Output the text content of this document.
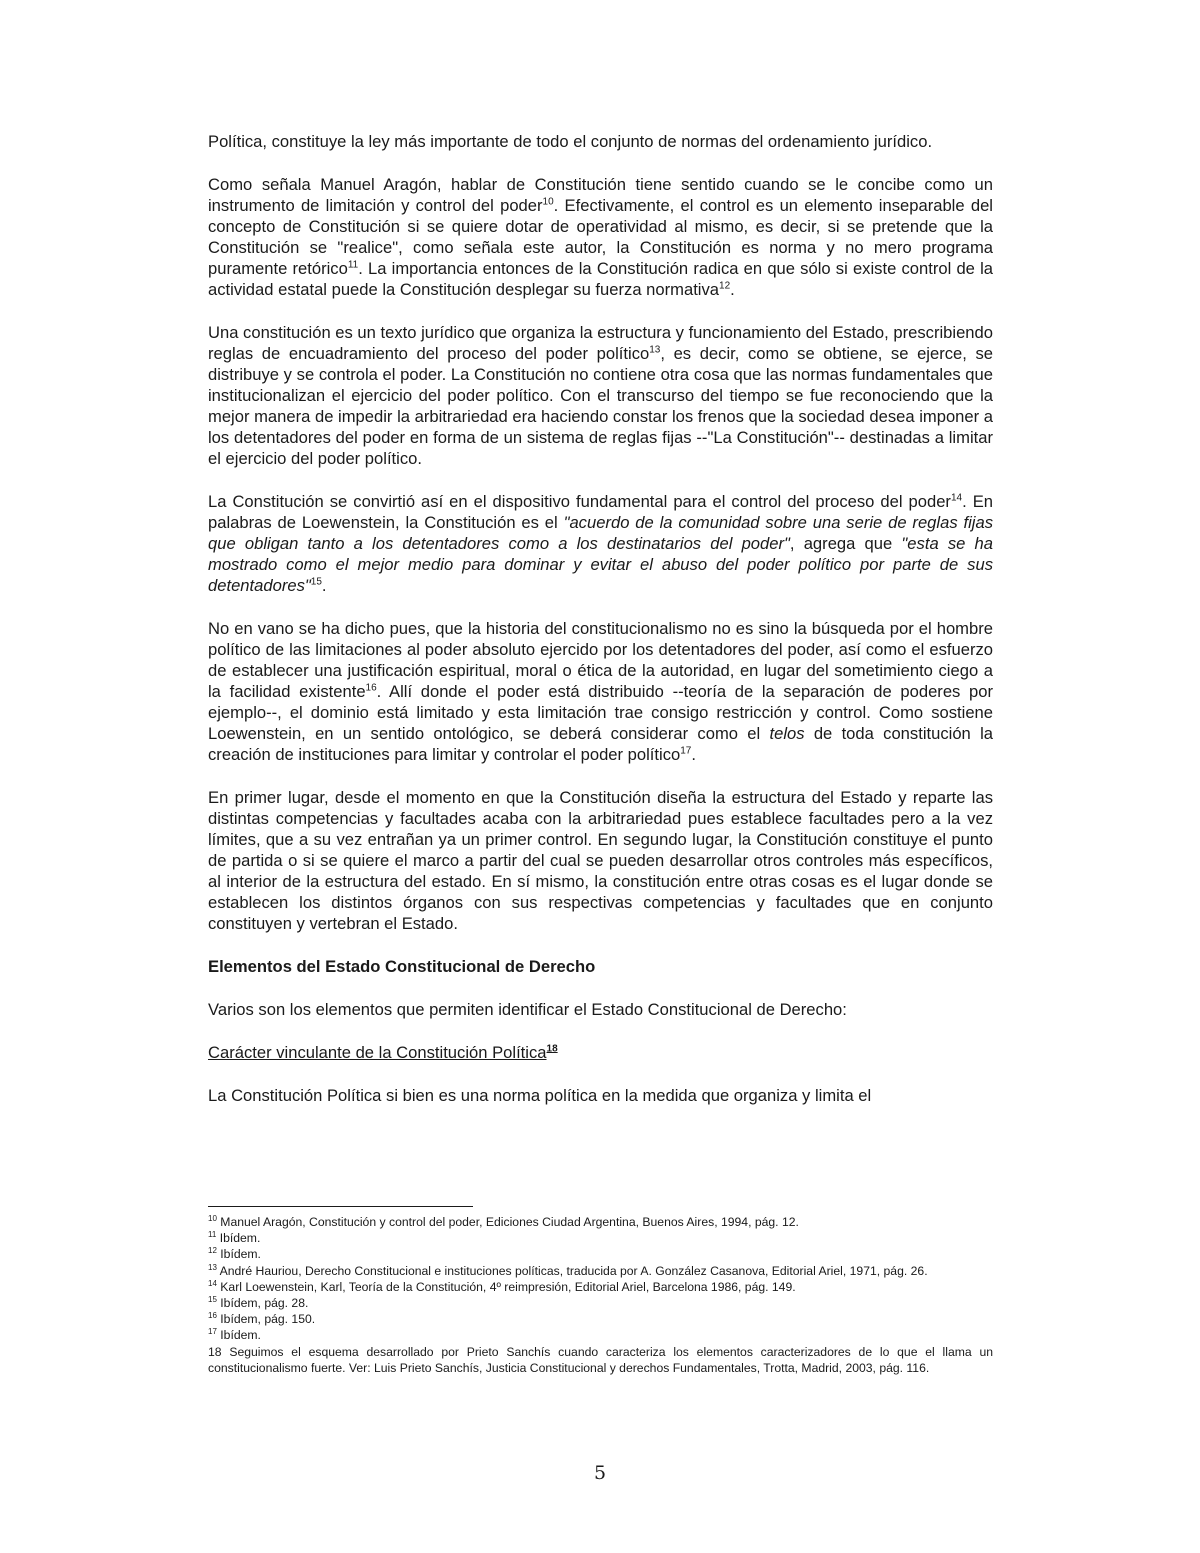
Política, constituye la ley más importante de todo el conjunto de normas del ordenamiento jurídico.

Como señala Manuel Aragón, hablar de Constitución tiene sentido cuando se le concibe como un instrumento de limitación y control del poder$^{10}$. Efectivamente, el control es un elemento inseparable del concepto de Constitución si se quiere dotar de operatividad al mismo, es decir, si se pretende que la Constitución se "realice", como señala este autor, la Constitución es norma y no mero programa puramente retórico$^{11}$. La importancia entonces de la Constitución radica en que sólo si existe control de la actividad estatal puede la Constitución desplegar su fuerza normativa$^{12}$.

Una constitución es un texto jurídico que organiza la estructura y funcionamiento del Estado, prescribiendo reglas de encuadramiento del proceso del poder político$^{13}$, es decir, como se obtiene, se ejerce, se distribuye y se controla el poder. La Constitución no contiene otra cosa que las normas fundamentales que institucionalizan el ejercicio del poder político. Con el transcurso del tiempo se fue reconociendo que la mejor manera de impedir la arbitrariedad era haciendo constar los frenos que la sociedad desea imponer a los detentadores del poder en forma de un sistema de reglas fijas --"La Constitución"-- destinadas a limitar el ejercicio del poder político.

La Constitución se convirtió así en el dispositivo fundamental para el control del proceso del poder$^{14}$. En palabras de Loewenstein, la Constitución es el "acuerdo de la comunidad sobre una serie de reglas fijas que obligan tanto a los detentadores como a los destinatarios del poder", agrega que "esta se ha mostrado como el mejor medio para dominar y evitar el abuso del poder político por parte de sus detentadores"$^{15}$.

No en vano se ha dicho pues, que la historia del constitucionalismo no es sino la búsqueda por el hombre político de las limitaciones al poder absoluto ejercido por los detentadores del poder, así como el esfuerzo de establecer una justificación espiritual, moral o ética de la autoridad, en lugar del sometimiento ciego a la facilidad existente$^{16}$. Allí donde el poder está distribuido --teoría de la separación de poderes por ejemplo--, el dominio está limitado y esta limitación trae consigo restricción y control. Como sostiene Loewenstein, en un sentido ontológico, se deberá considerar como el telos de toda constitución la creación de instituciones para limitar y controlar el poder político$^{17}$.

En primer lugar, desde el momento en que la Constitución diseña la estructura del Estado y reparte las distintas competencias y facultades acaba con la arbitrariedad pues establece facultades pero a la vez límites, que a su vez entrañan ya un primer control. En segundo lugar, la Constitución constituye el punto de partida o si se quiere el marco a partir del cual se pueden desarrollar otros controles más específicos, al interior de la estructura del estado. En sí mismo, la constitución entre otras cosas es el lugar donde se establecen los distintos órganos con sus respectivas competencias y facultades que en conjunto constituyen y vertebran el Estado.

Elementos del Estado Constitucional de Derecho

Varios son los elementos que permiten identificar el Estado Constitucional de Derecho:

Carácter vinculante de la Constitución Política$^{18}$

La Constitución Política si bien es una norma política en la medida que organiza y limita el

$^{10}$ Manuel Aragón, Constitución y control del poder, Ediciones Ciudad Argentina, Buenos Aires, 1994, pág. 12.

$^{11}$ Ibídem.

$^{12}$ Ibídem.

$^{13}$ André Hauriou, Derecho Constitucional e instituciones políticas, traducida por A. González Casanova, Editorial Ariel, 1971, pág. 26.

$^{14}$ Karl Loewenstein, Karl, Teoría de la Constitución, 4º reimpresión, Editorial Ariel, Barcelona 1986, pág. 149.

$^{15}$ Ibídem, pág. 28.

$^{16}$ Ibídem, pág. 150.

$^{17}$ Ibídem.

18 Seguimos el esquema desarrollado por Prieto Sanchís cuando caracteriza los elementos caracterizadores de lo que el llama un constitucionalismo fuerte. Ver: Luis Prieto Sanchís, Justicia Constitucional y derechos Fundamentales, Trotta, Madrid, 2003, pág. 116.

5
